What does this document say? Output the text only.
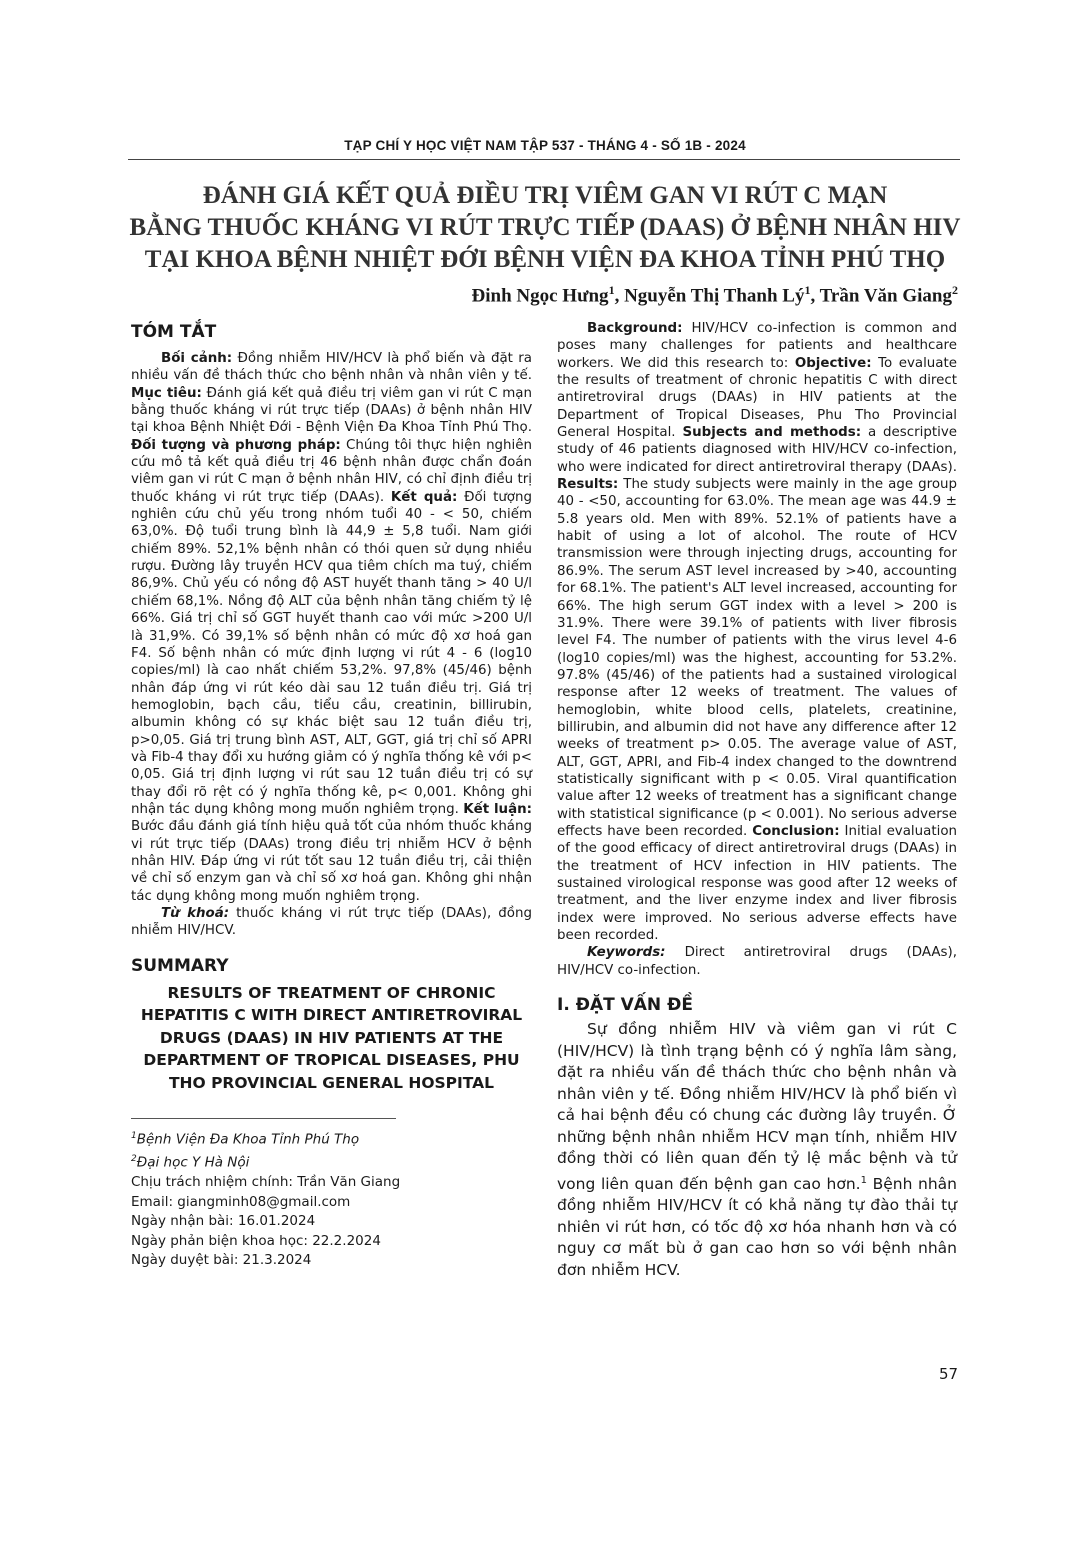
TẠP CHÍ Y HỌC VIỆT NAM TẬP 537 - THÁNG 4 - SỐ 1B - 2024
ĐÁNH GIÁ KẾT QUẢ ĐIỀU TRỊ VIÊM GAN VI RÚT C MẠN
BẰNG THUỐC KHÁNG VI RÚT TRỰC TIẾP (DAAS) Ở BỆNH NHÂN HIV
TẠI KHOA BỆNH NHIỆT ĐỚI BỆNH VIỆN ĐA KHOA TỈNH PHÚ THỌ
Đinh Ngọc Hưng$^1$, Nguyễn Thị Thanh $Lý^1$, Trần Văn Giang$^2$
TÓM TẮT

Bối cảnh: Đồng nhiễm HIV/HCV là phổ biến và đặt ra nhiều vấn đề thách thức cho bệnh nhân và nhân viên y tế. Mục tiêu: Đánh giá kết quả điều trị viêm gan vi rút C mạn bằng thuốc kháng vi rút trực tiếp (DAAs) ở bệnh nhân HIV tại khoa Bệnh Nhiệt Đới - Bệnh Viện Đa Khoa Tỉnh Phú Thọ. Đối tượng và phương pháp: Chúng tôi thực hiện nghiên cứu mô tả kết quả điều trị 46 bệnh nhân được chẩn đoán viêm gan vi rút C mạn ở bệnh nhân HIV, có chỉ định điều trị thuốc kháng vi rút trực tiếp (DAAs). Kết quả: Đối tượng nghiên cứu chủ yếu trong nhóm tuổi 40 - < 50, chiếm 63,0%. Độ tuổi trung bình là 44,9 ± 5,8 tuổi. Nam giới chiếm 89%. 52,1% bệnh nhân có thói quen sử dụng nhiều rượu. Đường lây truyền HCV qua tiêm chích ma tuý, chiếm 86,9%. Chủ yếu có nồng độ AST huyết thanh tăng > 40 U/l chiếm 68,1%. Nồng độ ALT của bệnh nhân tăng chiếm tỷ lệ 66%. Giá trị chỉ số GGT huyết thanh cao với mức >200 U/l là 31,9%. Có 39,1% số bệnh nhân có mức độ xơ hoá gan F4. Số bệnh nhân có mức định lượng vi rút 4 - 6 (log10 copies/ml) là cao nhất chiếm 53,2%. 97,8% (45/46) bệnh nhân đáp ứng vi rút kéo dài sau 12 tuần điều trị. Giá trị hemoglobin, bạch cầu, tiểu cầu, creatinin, billirubin, albumin không có sự khác biệt sau 12 tuần điều trị, p>0,05. Giá trị trung bình AST, ALT, GGT, giá trị chỉ số APRI và Fib-4 thay đổi xu hướng giảm có ý nghĩa thống kê với p< 0,05. Giá trị định lượng vi rút sau 12 tuần điều trị có sự thay đổi rõ rệt có ý nghĩa thống kê, p< 0,001. Không ghi nhận tác dụng không mong muốn nghiêm trọng. Kết luận: Bước đầu đánh giá tính hiệu quả tốt của nhóm thuốc kháng vi rút trực tiếp (DAAs) trong điều trị nhiễm HCV ở bệnh nhân HIV. Đáp ứng vi rút tốt sau 12 tuần điều trị, cải thiện về chỉ số enzym gan và chỉ số xơ hoá gan. Không ghi nhận tác dụng không mong muốn nghiêm trọng.

Từ khoá: thuốc kháng vi rút trực tiếp (DAAs), đồng nhiễm HIV/HCV.

SUMMARY

RESULTS OF TREATMENT OF CHRONIC HEPATITIS C WITH DIRECT ANTIRETROVIRAL DRUGS (DAAS) IN HIV PATIENTS AT THE DEPARTMENT OF TROPICAL DISEASES, PHU THO PROVINCIAL GENERAL HOSPITAL

$^1$Bệnh Viện Đa Khoa Tỉnh Phú Thọ

$^2$Đại học Y Hà Nội

Chịu trách nhiệm chính: Trần Văn Giang

Email: giangminh08@gmail.com

Ngày nhận bài: 16.01.2024

Ngày phản biện khoa học: 22.2.2024

Ngày duyệt bài: 21.3.2024

Background: HIV/HCV co-infection is common and poses many challenges for patients and healthcare workers. We did this research to: Objective: To evaluate the results of treatment of chronic hepatitis C with direct antiretroviral drugs (DAAs) in HIV patients at the Department of Tropical Diseases, Phu Tho Provincial General Hospital. Subjects and methods: a descriptive study of 46 patients diagnosed with HIV/HCV co-infection, who were indicated for direct antiretroviral therapy (DAAs). Results: The study subjects were mainly in the age group 40 - <50, accounting for 63.0%. The mean age was 44.9 ± 5.8 years old. Men with 89%. 52.1% of patients have a habit of using a lot of alcohol. The route of HCV transmission were through injecting drugs, accounting for 86.9%. The serum AST level increased by >40, accounting for 68.1%. The patient's ALT level increased, accounting for 66%. The high serum GGT index with a level > 200 is 31.9%. There were 39.1% of patients with liver fibrosis level F4. The number of patients with the virus level 4-6 (log10 copies/ml) was the highest, accounting for 53.2%. 97.8% (45/46) of the patients had a sustained virological response after 12 weeks of treatment. The values of hemoglobin, white blood cells, platelets, creatinine, billirubin, and albumin did not have any difference after 12 weeks of treatment p> 0.05. The average value of AST, ALT, GGT, APRI, and Fib-4 index changed to the downtrend statistically significant with p < 0.05. Viral quantification value after 12 weeks of treatment has a significant change with statistical significance (p < 0.001). No serious adverse effects have been recorded. Conclusion: Initial evaluation of the good efficacy of direct antiretroviral drugs (DAAs) in the treatment of HCV infection in HIV patients. The sustained virological response was good after 12 weeks of treatment, and the liver enzyme index and liver fibrosis index were improved. No serious adverse effects have been recorded.

Keywords: Direct antiretroviral drugs (DAAs), HIV/HCV co-infection.

I. ĐẶT VẤN ĐỀ

Sự đồng nhiễm HIV và viêm gan vi rút C (HIV/HCV) là tình trạng bệnh có ý nghĩa lâm sàng, đặt ra nhiều vấn đề thách thức cho bệnh nhân và nhân viên y tế. Đồng nhiễm HIV/HCV là phổ biến vì cả hai bệnh đều có chung các đường lây truyền. Ở những bệnh nhân nhiễm HCV mạn tính, nhiễm HIV đồng thời có liên quan đến tỷ lệ mắc bệnh và tử vong liên quan đến bệnh gan cao hơn.$^1$ Bệnh nhân đồng nhiễm HIV/HCV ít có khả năng tự đào thải tự nhiên vi rút hơn, có tốc độ xơ hóa nhanh hơn và có nguy cơ mất bù ở gan cao hơn so với bệnh nhân đơn nhiễm HCV.

57
